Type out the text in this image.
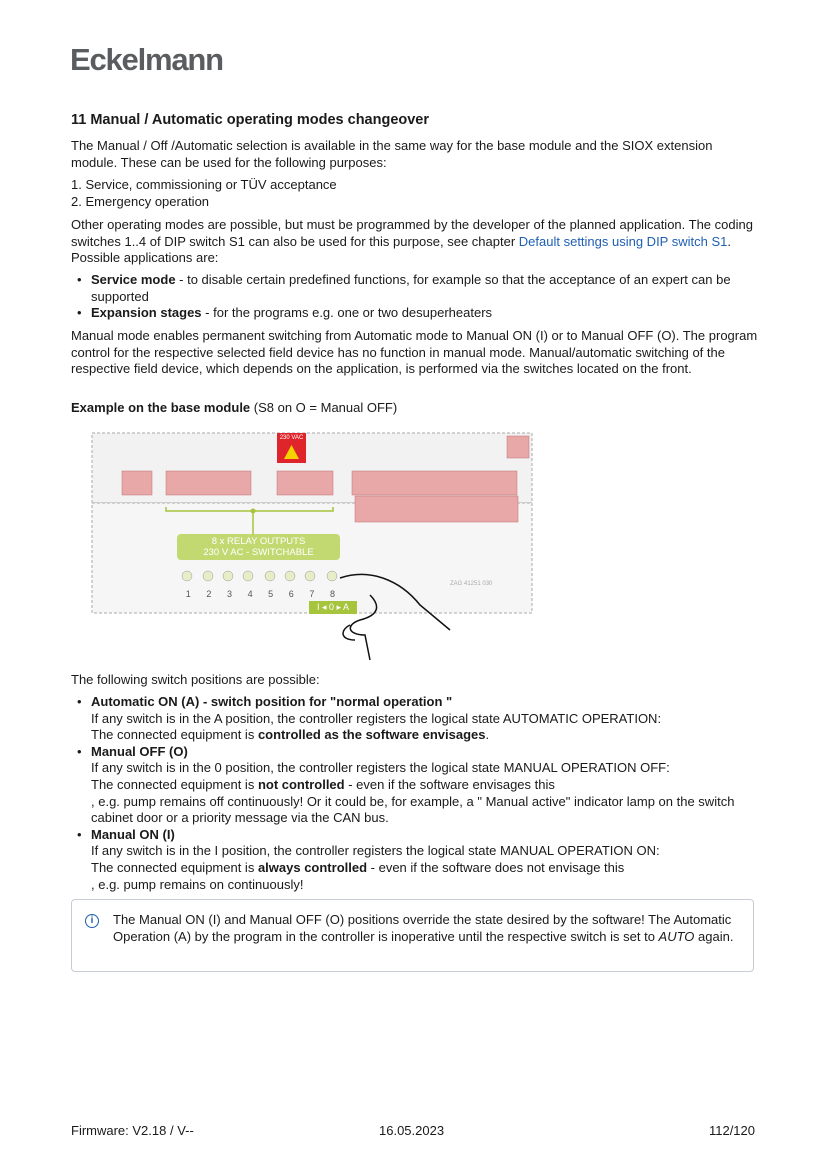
Eckelmann
11 Manual / Automatic operating modes changeover

The Manual / Off /Automatic selection is available in the same way for the base module and the SIOX extension module. These can be used for the following purposes:

1. Service, commissioning or TÜV acceptance

2. Emergency operation

Other operating modes are possible, but must be programmed by the developer of the planned application. The coding switches 1..4 of DIP switch S1 can also be used for this purpose, see chapter Default settings using DIP switch S1. Possible applications are:

• Service mode - to disable certain predefined functions, for example so that the acceptance of an expert can be supported
• Expansion stages - for the programs e.g. one or two desuperheaters

Manual mode enables permanent switching from Automatic mode to Manual ON (I) or to Manual OFF (O). The program control for the respective selected field device has no function in manual mode. Manual/automatic switching of the respective field device, which depends on the application, is performed via the switches located on the front.

Example on the base module (S8 on O = Manual OFF)

230 VAC
8 x RELAY OUTPUTS
230 V AC - SWITCHABLE
1	2	3	4	5	6	7	8
I ◂ 0 ▸ A
ZAG 41251 030

The following switch positions are possible:

• Automatic ON (A) - switch position for "normal operation "
If any switch is in the A position, the controller registers the logical state AUTOMATIC OPERATION:
The connected equipment is controlled as the software envisages.
• Manual OFF (O)
If any switch is in the 0 position, the controller registers the logical state MANUAL OPERATION OFF:
The connected equipment is not controlled - even if the software envisages this
, e.g. pump remains off continuously! Or it could be, for example, a " Manual active" indicator lamp on the switch cabinet door or a priority message via the CAN bus.
• Manual ON (I)
If any switch is in the I position, the controller registers the logical state MANUAL OPERATION ON:
The connected equipment is always controlled - even if the software does not envisage this
, e.g. pump remains on continuously!
i	The Manual ON (I) and Manual OFF (O) positions override the state desired by the software! The Automatic Operation (A) by the program in the controller is inoperative until the respective switch is set to AUTO again.
Firmware: V2.18 / V--	16.05.2023	112/120
